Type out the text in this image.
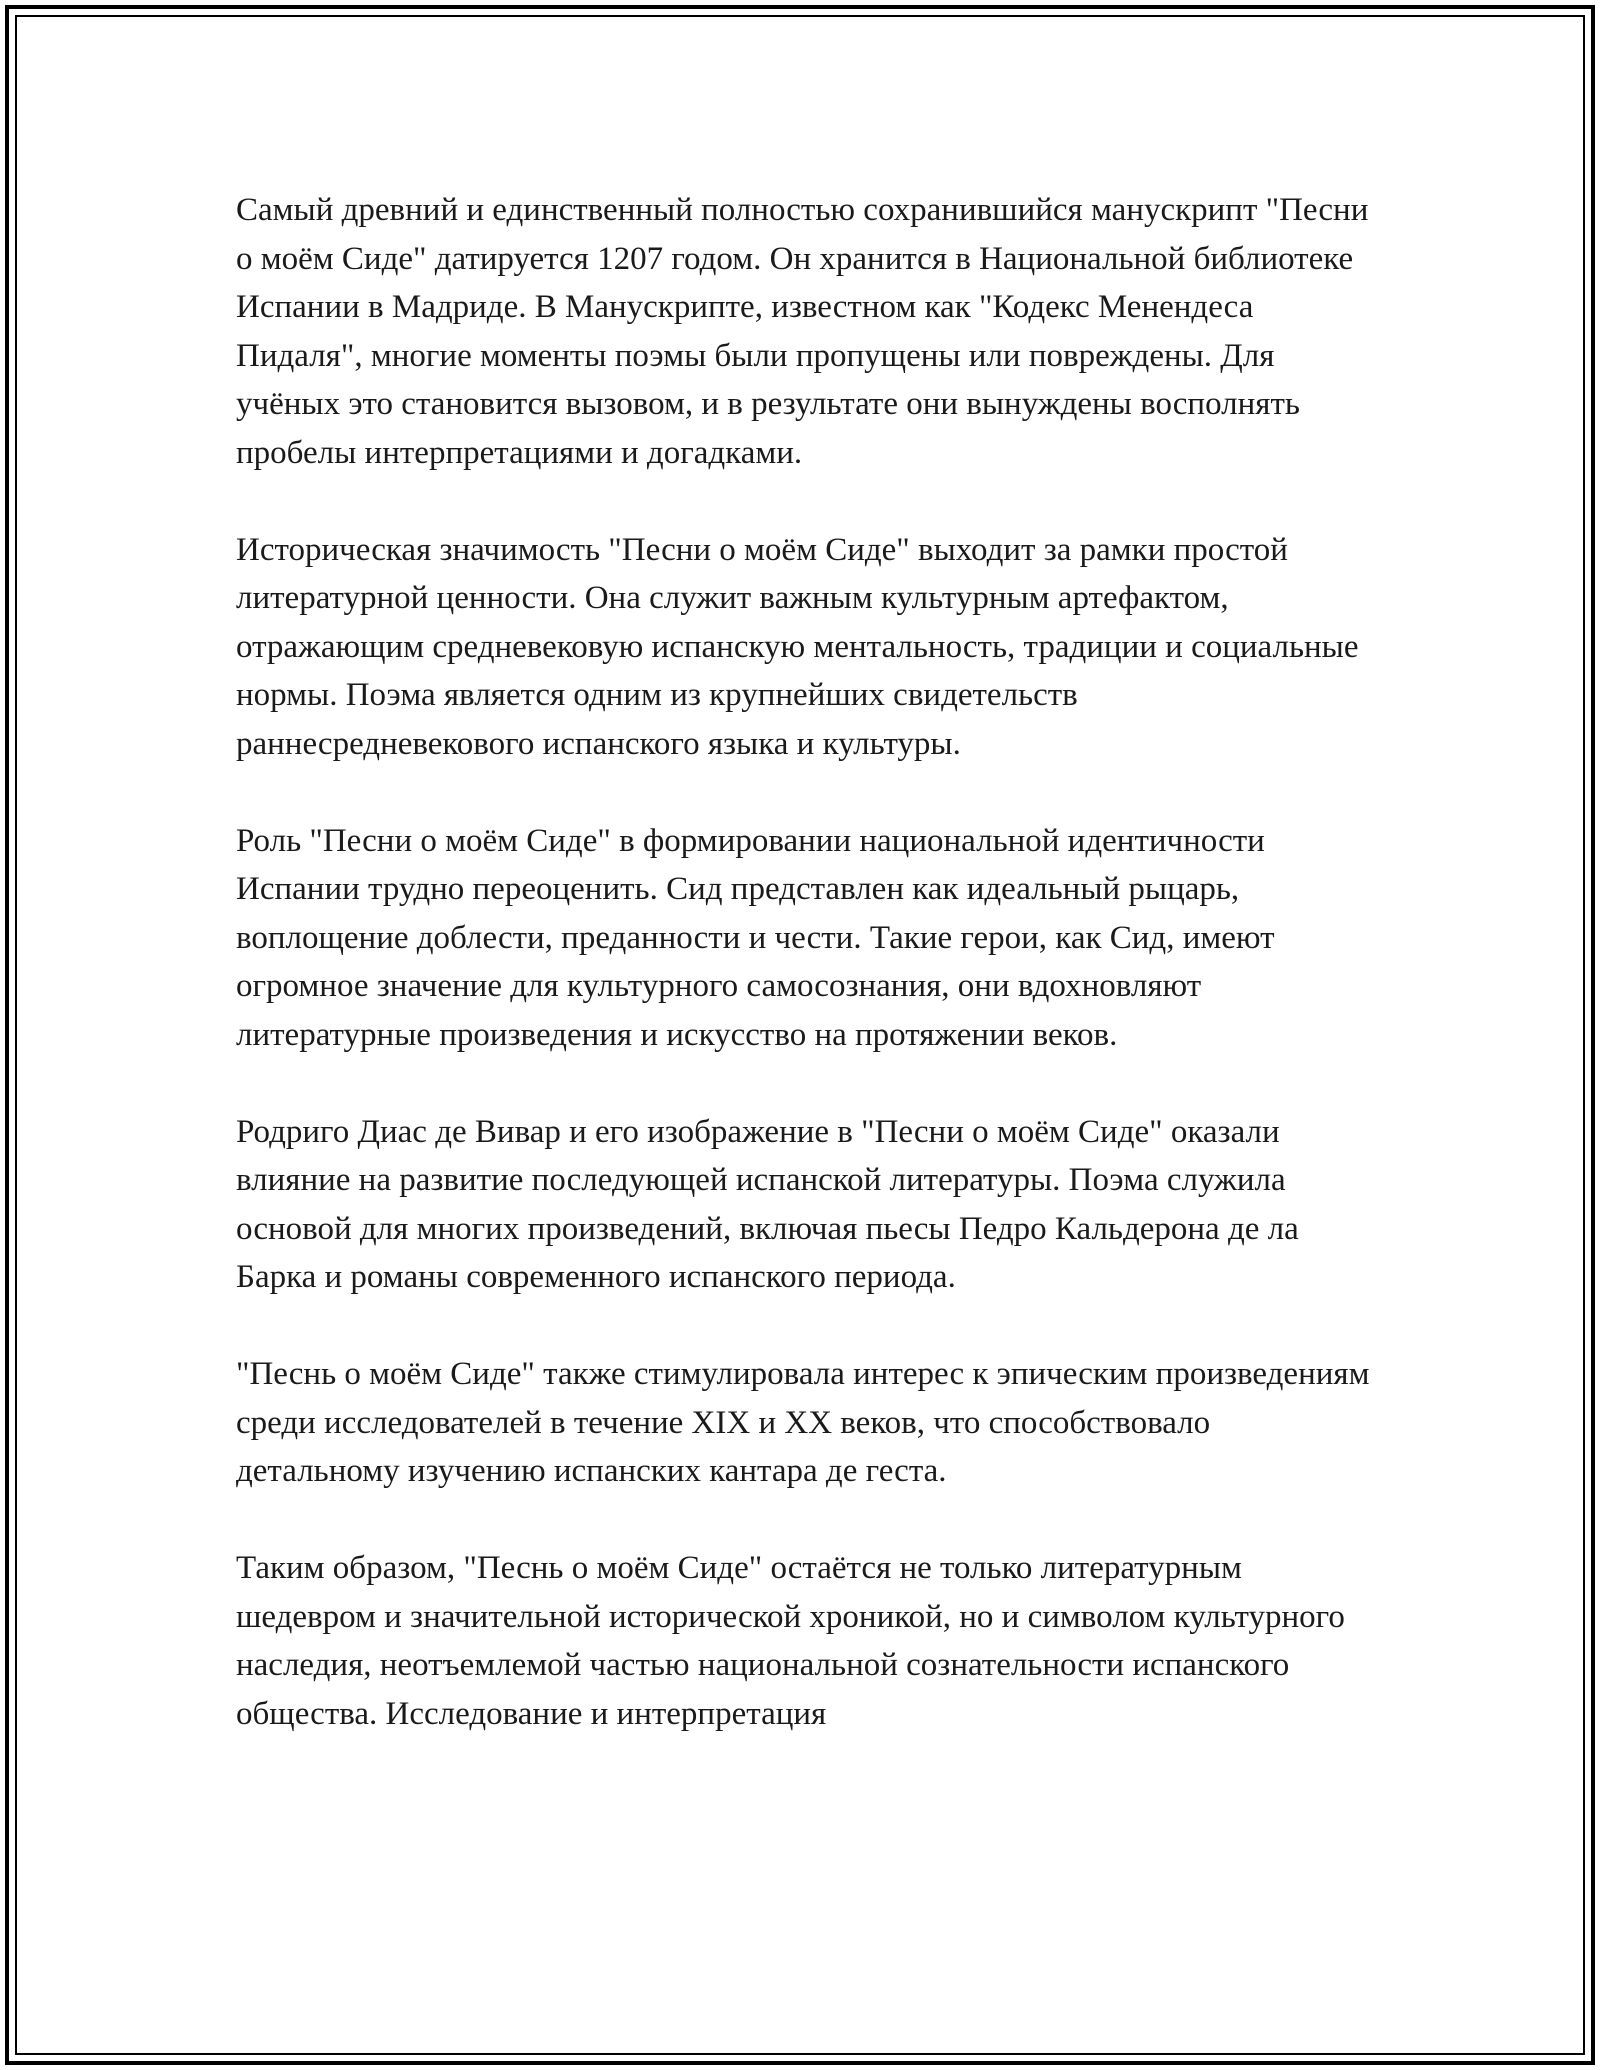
Самый древний и единственный полностью сохранившийся манускрипт "Песни о моём Сиде" датируется 1207 годом. Он хранится в Национальной библиотеке Испании в Мадриде. В Манускрипте, известном как "Кодекс Менендеса Пидаля", многие моменты поэмы были пропущены или повреждены. Для учёных это становится вызовом, и в результате они вынуждены восполнять пробелы интерпретациями и догадками.

Историческая значимость "Песни о моём Сиде" выходит за рамки простой литературной ценности. Она служит важным культурным артефактом, отражающим средневековую испанскую ментальность, традиции и социальные нормы. Поэма является одним из крупнейших свидетельств раннесредневекового испанского языка и культуры.

Роль "Песни о моём Сиде" в формировании национальной идентичности Испании трудно переоценить. Сид представлен как идеальный рыцарь, воплощение доблести, преданности и чести. Такие герои, как Сид, имеют огромное значение для культурного самосознания, они вдохновляют литературные произведения и искусство на протяжении веков.

Родриго Диас де Вивар и его изображение в "Песни о моём Сиде" оказали влияние на развитие последующей испанской литературы. Поэма служила основой для многих произведений, включая пьесы Педро Кальдерона де ла Барка и романы современного испанского периода.

"Песнь о моём Сиде" также стимулировала интерес к эпическим произведениям среди исследователей в течение XIX и XX веков, что способствовало детальному изучению испанских кантара де геста.

Таким образом, "Песнь о моём Сиде" остаётся не только литературным шедевром и значительной исторической хроникой, но и символом культурного наследия, неотъемлемой частью национальной сознательности испанского общества. Исследование и интерпретация
